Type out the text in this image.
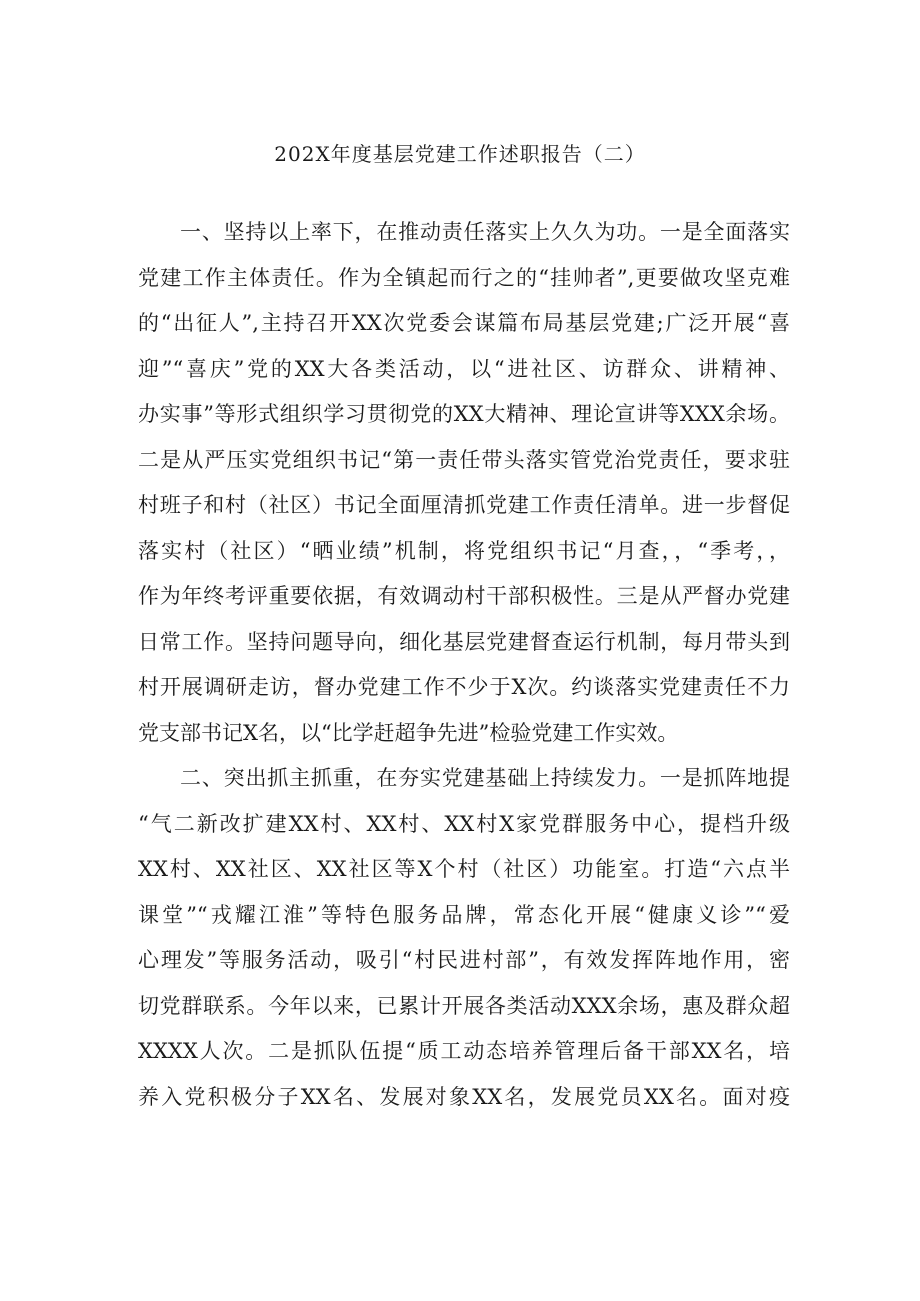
202X年度基层党建工作述职报告（二）
一、坚持以上率下，在推动责任落实上久久为功。一是全面落实
党建工作主体责任。作为全镇起而行之的“挂帅者”,更要做攻坚克难
的“出征人”,主持召开XX次党委会谋篇布局基层党建;广泛开展“喜
迎”“喜庆”党的XX大各类活动，以“进社区、访群众、讲精神、
办实事”等形式组织学习贯彻党的XX大精神、理论宣讲等XXX余场。
二是从严压实党组织书记“第一责任带头落实管党治党责任，要求驻
村班子和村（社区）书记全面厘清抓党建工作责任清单。进一步督促
落实村（社区）“晒业绩”机制，将党组织书记“月查，，“季考，，
作为年终考评重要依据，有效调动村干部积极性。三是从严督办党建
日常工作。坚持问题导向，细化基层党建督查运行机制，每月带头到
村开展调研走访，督办党建工作不少于X次。约谈落实党建责任不力
党支部书记X名，以“比学赶超争先进”检验党建工作实效。
二、突出抓主抓重，在夯实党建基础上持续发力。一是抓阵地提
“气二新改扩建XX村、XX村、XX村X家党群服务中心，提档升级
XX村、XX社区、XX社区等X个村（社区）功能室。打造“六点半
课堂”“戎耀江淮”等特色服务品牌，常态化开展“健康义诊”“爱
心理发”等服务活动，吸引“村民进村部”，有效发挥阵地作用，密
切党群联系。今年以来，已累计开展各类活动XXX余场，惠及群众超
XXXX人次。二是抓队伍提“质工动态培养管理后备干部XX名，培
养入党积极分子XX名、发展对象XX名，发展党员XX名。面对疫
